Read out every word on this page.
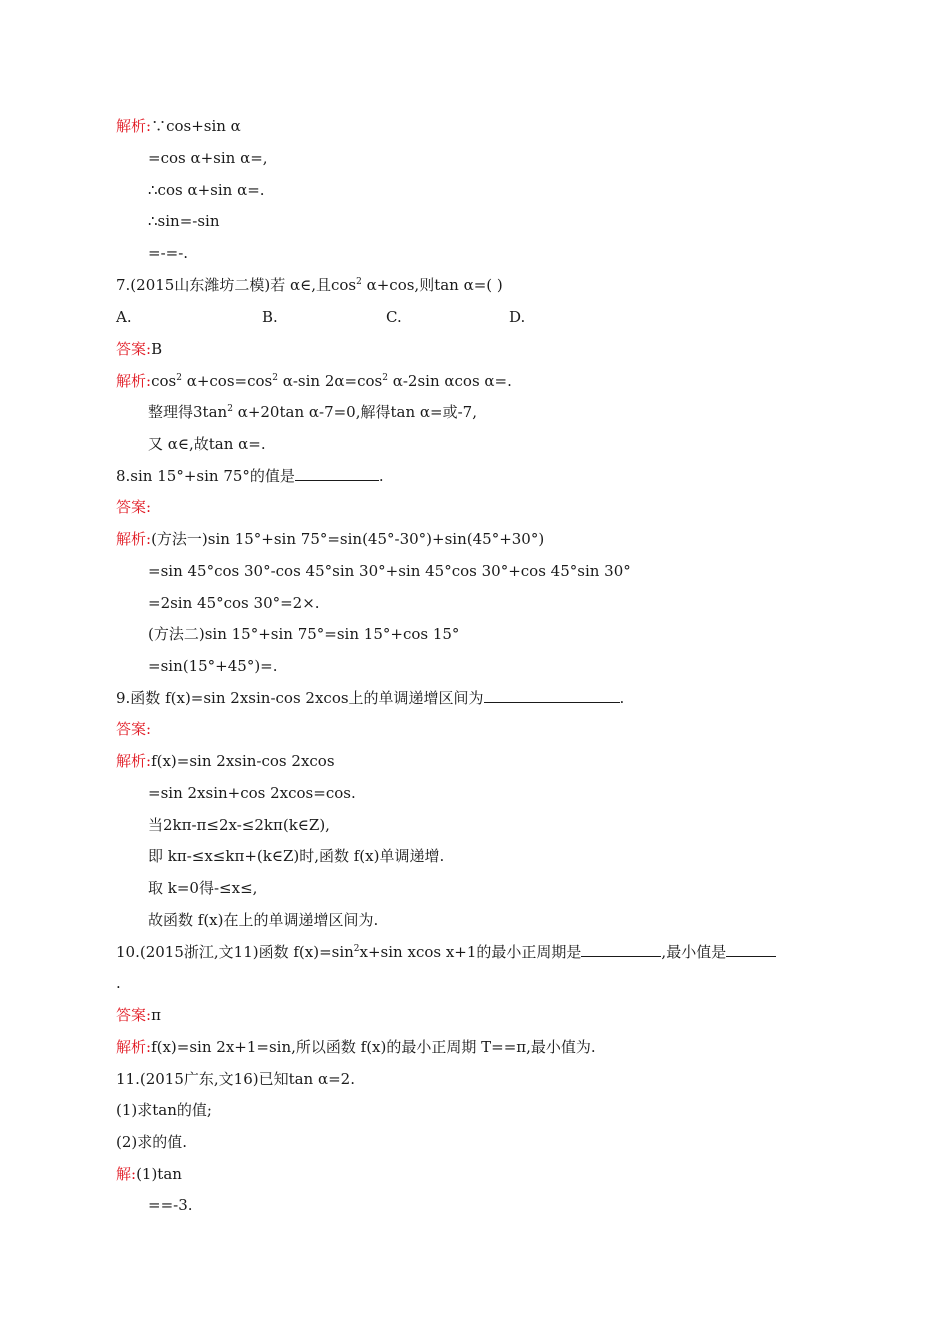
解析:∵cos+sin α
=cos α+sin α=,
∴cos α+sin α=.
∴sin=-sin
=-=-.
7.(2015山东潍坊二模)若 α∈,且$\cos^2 \alpha+\cos$,则tan α=( )
A.	B.	C.	D.
答案:B
解析$:\cos^2$ $\alpha+\cos=\cos^2$ α-sin $2\alpha=\cos^2$ α-2sin αcos α=.
整理得$3\tan^2$ α+20tan α-7=0,解得tan α=或-7,
又 α∈,故tan α=.
8.sin 15°+sin 75°的值是	.
答案:
解析:(方法一)sin 15°+sin 75°=sin(45°-30°)+sin(45°+30°)
=sin 45°cos 30°-cos 45°sin 30°+sin 45°cos 30°+cos 45°sin 30°
=2sin 45°cos 30°=2×.
(方法二)sin 15°+sin 75°=sin 15°+cos 15°
=sin(15°+45°)=.
9.函数 f(x)=sin 2xsin-cos 2xcos上的单调递增区间为	.
答案:
解析:f(x)=sin 2xsin-cos 2xcos
=sin 2xsin+cos 2xcos=cos.
当2kπ-π≤2x-≤2kπ(k∈Z),
即 kπ-≤x≤kπ+(k∈Z)时,函数 f(x)单调递增.
取 k=0得-≤x≤,
故函数 f(x)在上的单调递增区间为.
10.(2015浙江,文11)函数 $f(x)=\sin^2x+\sin$ xcos x+1的最小正周期是	,最小值是
.
答案:π
解析:f(x)=sin 2x+1=sin,所以函数 f(x)的最小正周期 T==π,最小值为.
11.(2015广东,文16)已知tan α=2.
(1)求tan的值;
(2)求的值.
解:(1)tan
==-3.
